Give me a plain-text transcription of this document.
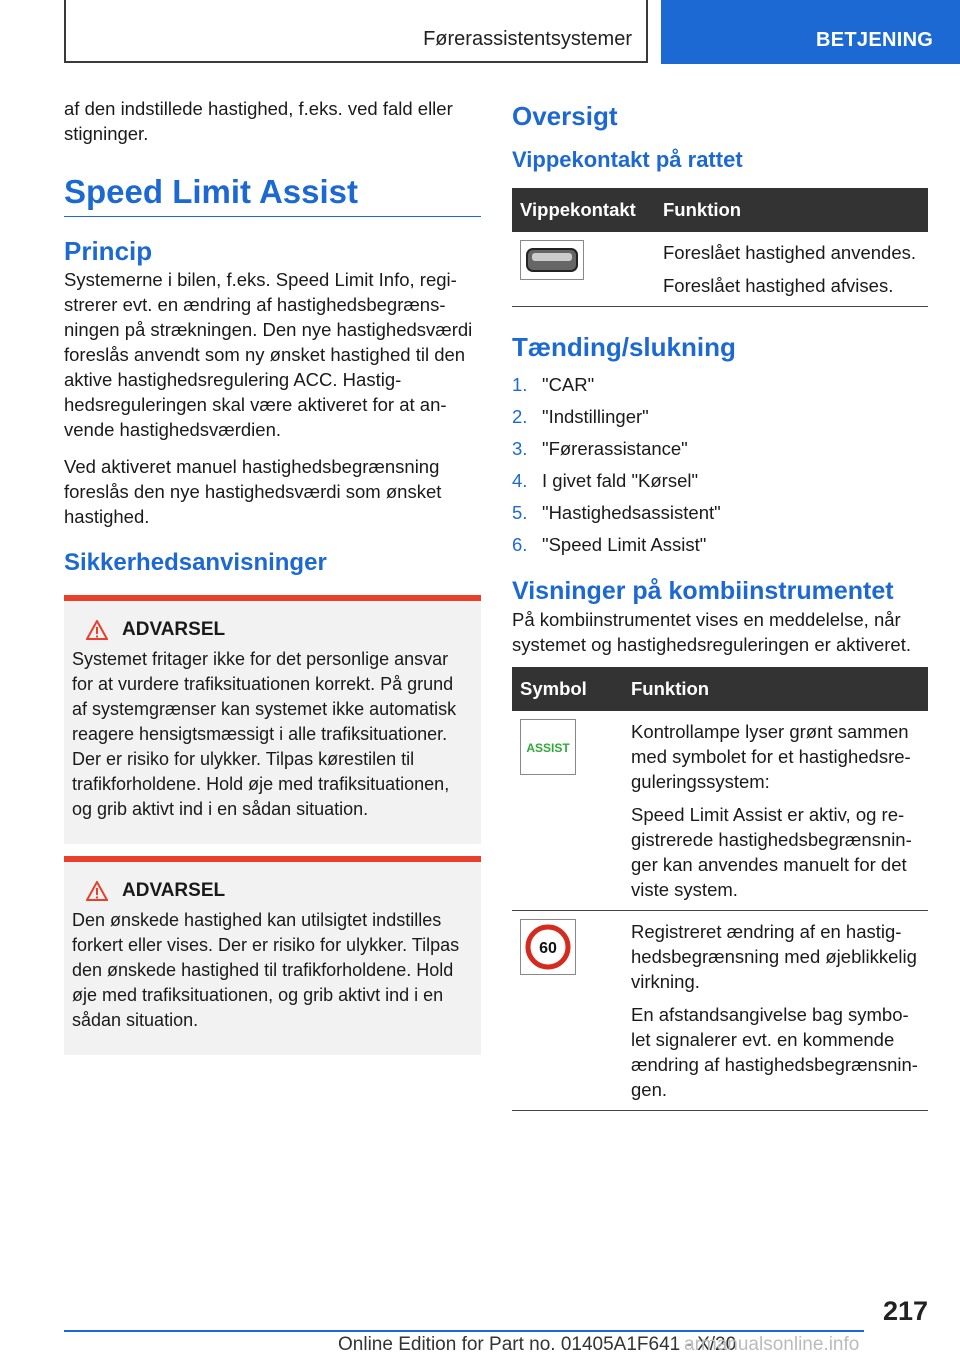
Førerassistentsystemer	BETJENING

af den indstillede hastighed, f.eks. ved fald eller stigninger.

Speed Limit Assist
Princip

Systemerne i bilen, f.eks. Speed Limit Info, registrerer evt. en ændring af hastighedsbegrænsningen på strækningen. Den nye hastighedsværdi foreslås anvendt som ny ønsket hastighed til den aktive hastighedsregulering ACC. Hastighedsreguleringen skal være aktiveret for at anvende hastighedsværdien.

Ved aktiveret manuel hastighedsbegrænsning foreslås den nye hastighedsværdi som ønsket hastighed.

Sikkerhedsanvisninger
ADVARSEL

Systemet fritager ikke for det personlige ansvar for at vurdere trafiksituationen korrekt. På grund af systemgrænser kan systemet ikke automatisk reagere hensigtsmæssigt i alle trafiksituationer. Der er risiko for ulykker. Tilpas kørestilen til trafikforholdene. Hold øje med trafiksituationen, og grib aktivt ind i en sådan situation.

ADVARSEL

Den ønskede hastighed kan utilsigtet indstilles forkert eller vises. Der er risiko for ulykker. Tilpas den ønskede hastighed til trafikforholdene. Hold øje med trafiksituationen, og grib aktivt ind i en sådan situation.

Oversigt
Vippekontakt på rattet
Vippekontakt	Funktion

Foreslået hastighed anvendes.

Foreslået hastighed afvises.

Tænding/slukning
1. "CAR"
2. "Indstillinger"
3. "Førerassistance"
4. I givet fald "Kørsel"
5. "Hastighedsassistent"
6. "Speed Limit Assist"
Visninger på kombiinstrumentet

På kombiinstrumentet vises en meddelelse, når systemet og hastighedsreguleringen er aktiveret.

Symbol	Funktion

ASSIST	Kontrollampe lyser grønt sammen med symbolet for et hastighedsreguleringssystem:

Speed Limit Assist er aktiv, og registrerede hastighedsbegrænsninger kan anvendes manuelt for det viste system.

60	Registreret ændring af en hastighedsbegrænsning med øjeblikkelig virkning.

En afstandsangivelse bag symbolet signalerer evt. en kommende ændring af hastighedsbegrænsningen.

217
Online Edition for Part no. 01405A1F641 - X/20
armanualsonline.info
